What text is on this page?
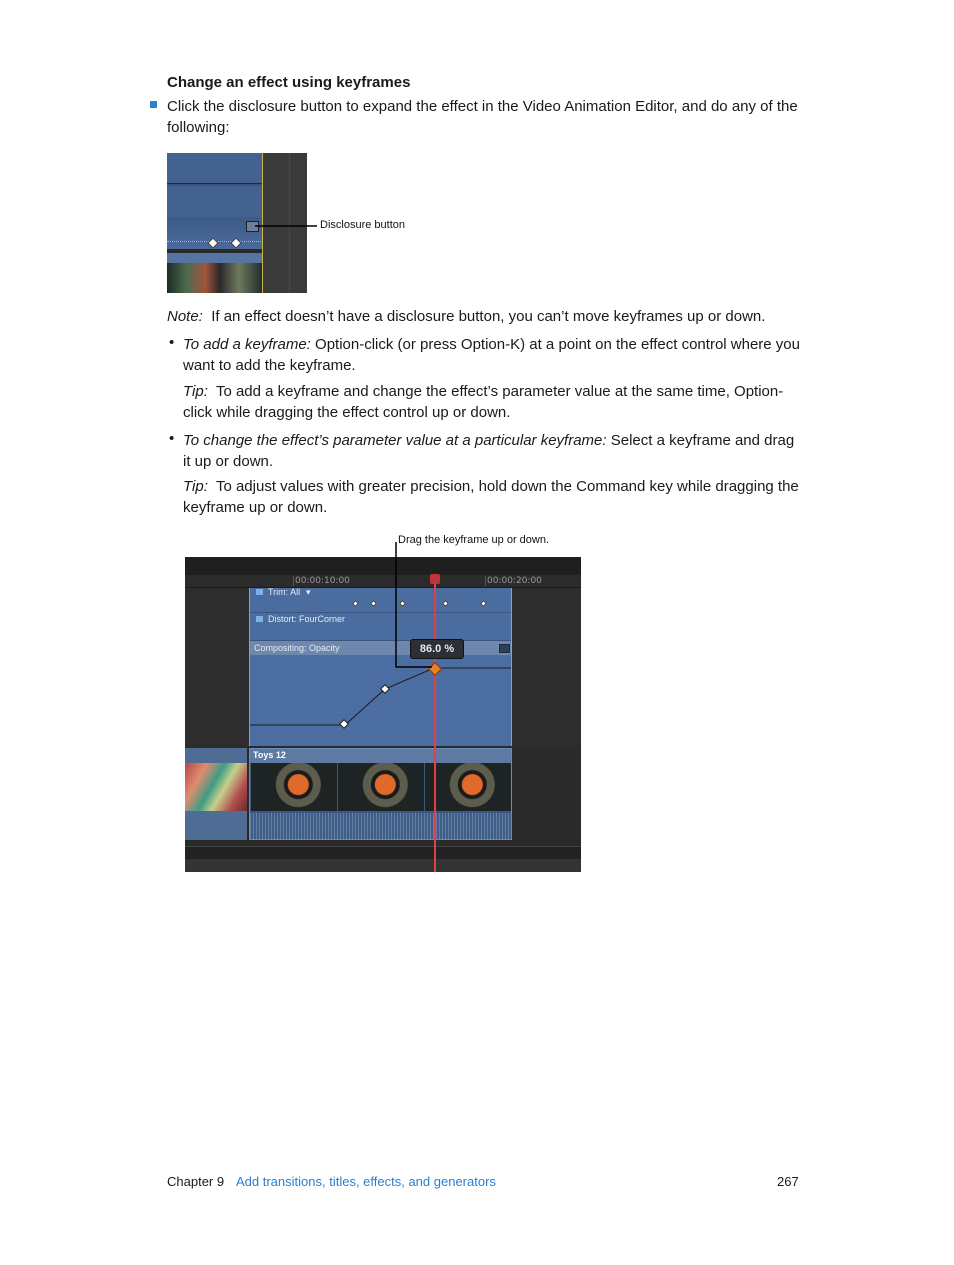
Change an effect using keyframes
Click the disclosure button to expand the effect in the Video Animation Editor, and do any of the following:
Disclosure button
Note: If an effect doesn’t have a disclosure button, you can’t move keyframes up or down.
• To add a keyframe: Option-click (or press Option-K) at a point on the effect control where you want to add the keyframe.
Tip: To add a keyframe and change the effect’s parameter value at the same time, Option-click while dragging the effect control up or down.
• To change the effect’s parameter value at a particular keyframe: Select a keyframe and drag it up or down.
Tip: To adjust values with greater precision, hold down the Command key while dragging the keyframe up or down.
Drag the keyframe up or down.
00:00:10:00	00:00:20:00
Trim: All ▾
Distort: FourCorner
Compositing: Opacity
Toys 12
86.0 %
Chapter 9 Add transitions, titles, effects, and generators	267
